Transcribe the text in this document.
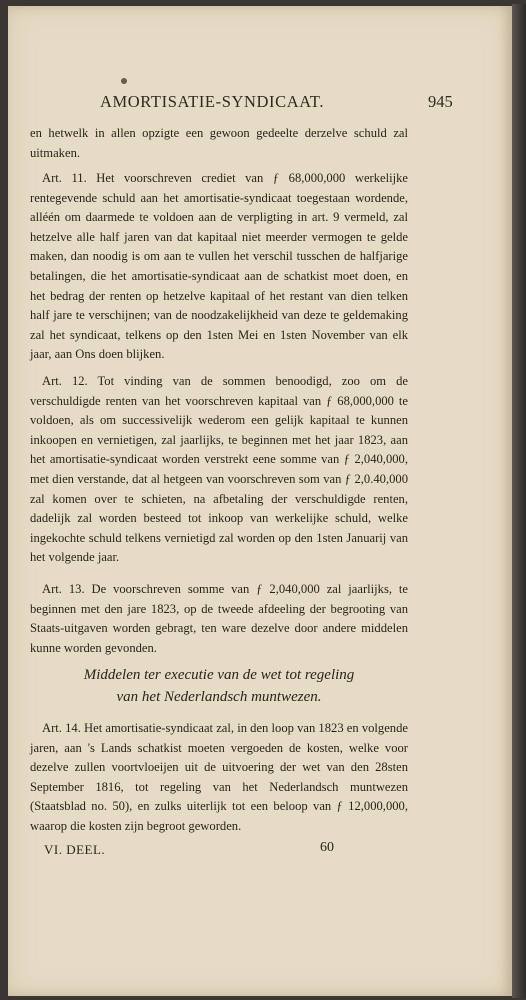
AMORTISATIE-SYNDICAAT.	945

en hetwelk in allen opzigte een gewoon gedeelte derzelve schuld zal uitmaken.

Art. 11. Het voorschreven crediet van ƒ 68,000,000 werkelijke rentegevende schuld aan het amortisatie-syndicaat toegestaan wordende, alléén om daarmede te voldoen aan de verpligting in art. 9 vermeld, zal hetzelve alle half jaren van dat kapitaal niet meerder vermogen te gelde maken, dan noodig is om aan te vullen het verschil tusschen de halfjarige betalingen, die het amortisatie-syndicaat aan de schatkist moet doen, en het bedrag der renten op hetzelve kapitaal of het restant van dien telken half jare te verschijnen; van de noodzakelijkheid van deze te geldemaking zal het syndicaat, telkens op den 1sten Mei en 1sten November van elk jaar, aan Ons doen blijken.

Art. 12. Tot vinding van de sommen benoodigd, zoo om de verschuldigde renten van het voorschreven kapitaal van ƒ 68,000,000 te voldoen, als om successivelijk wederom een gelijk kapitaal te kunnen inkoopen en vernietigen, zal jaarlijks, te beginnen met het jaar 1823, aan het amortisatie-syndicaat worden verstrekt eene somme van ƒ 2,040,000, met dien verstande, dat al hetgeen van voorschreven som van ƒ 2,0.40,000 zal komen over te schieten, na afbetaling der verschuldigde renten, dadelijk zal worden besteed tot inkoop van werkelijke schuld, welke ingekochte schuld telkens vernietigd zal worden op den 1sten Januarij van het volgende jaar.

Art. 13. De voorschreven somme van ƒ 2,040,000 zal jaarlijks, te beginnen met den jare 1823, op de tweede afdeeling der begrooting van Staats-uitgaven worden gebragt, ten ware dezelve door andere middelen kunne worden gevonden.

Middelen ter executie van de wet tot regeling

van het Nederlandsch muntwezen.

Art. 14. Het amortisatie-syndicaat zal, in den loop van 1823 en volgende jaren, aan 's Lands schatkist moeten vergoeden de kosten, welke voor dezelve zullen voortvloeijen uit de uitvoering der wet van den 28sten September 1816, tot regeling van het Nederlandsch muntwezen (Staatsblad no. 50), en zulks uiterlijk tot een beloop van ƒ 12,000,000, waarop die kosten zijn begroot geworden.

VI. DEEL.	60
